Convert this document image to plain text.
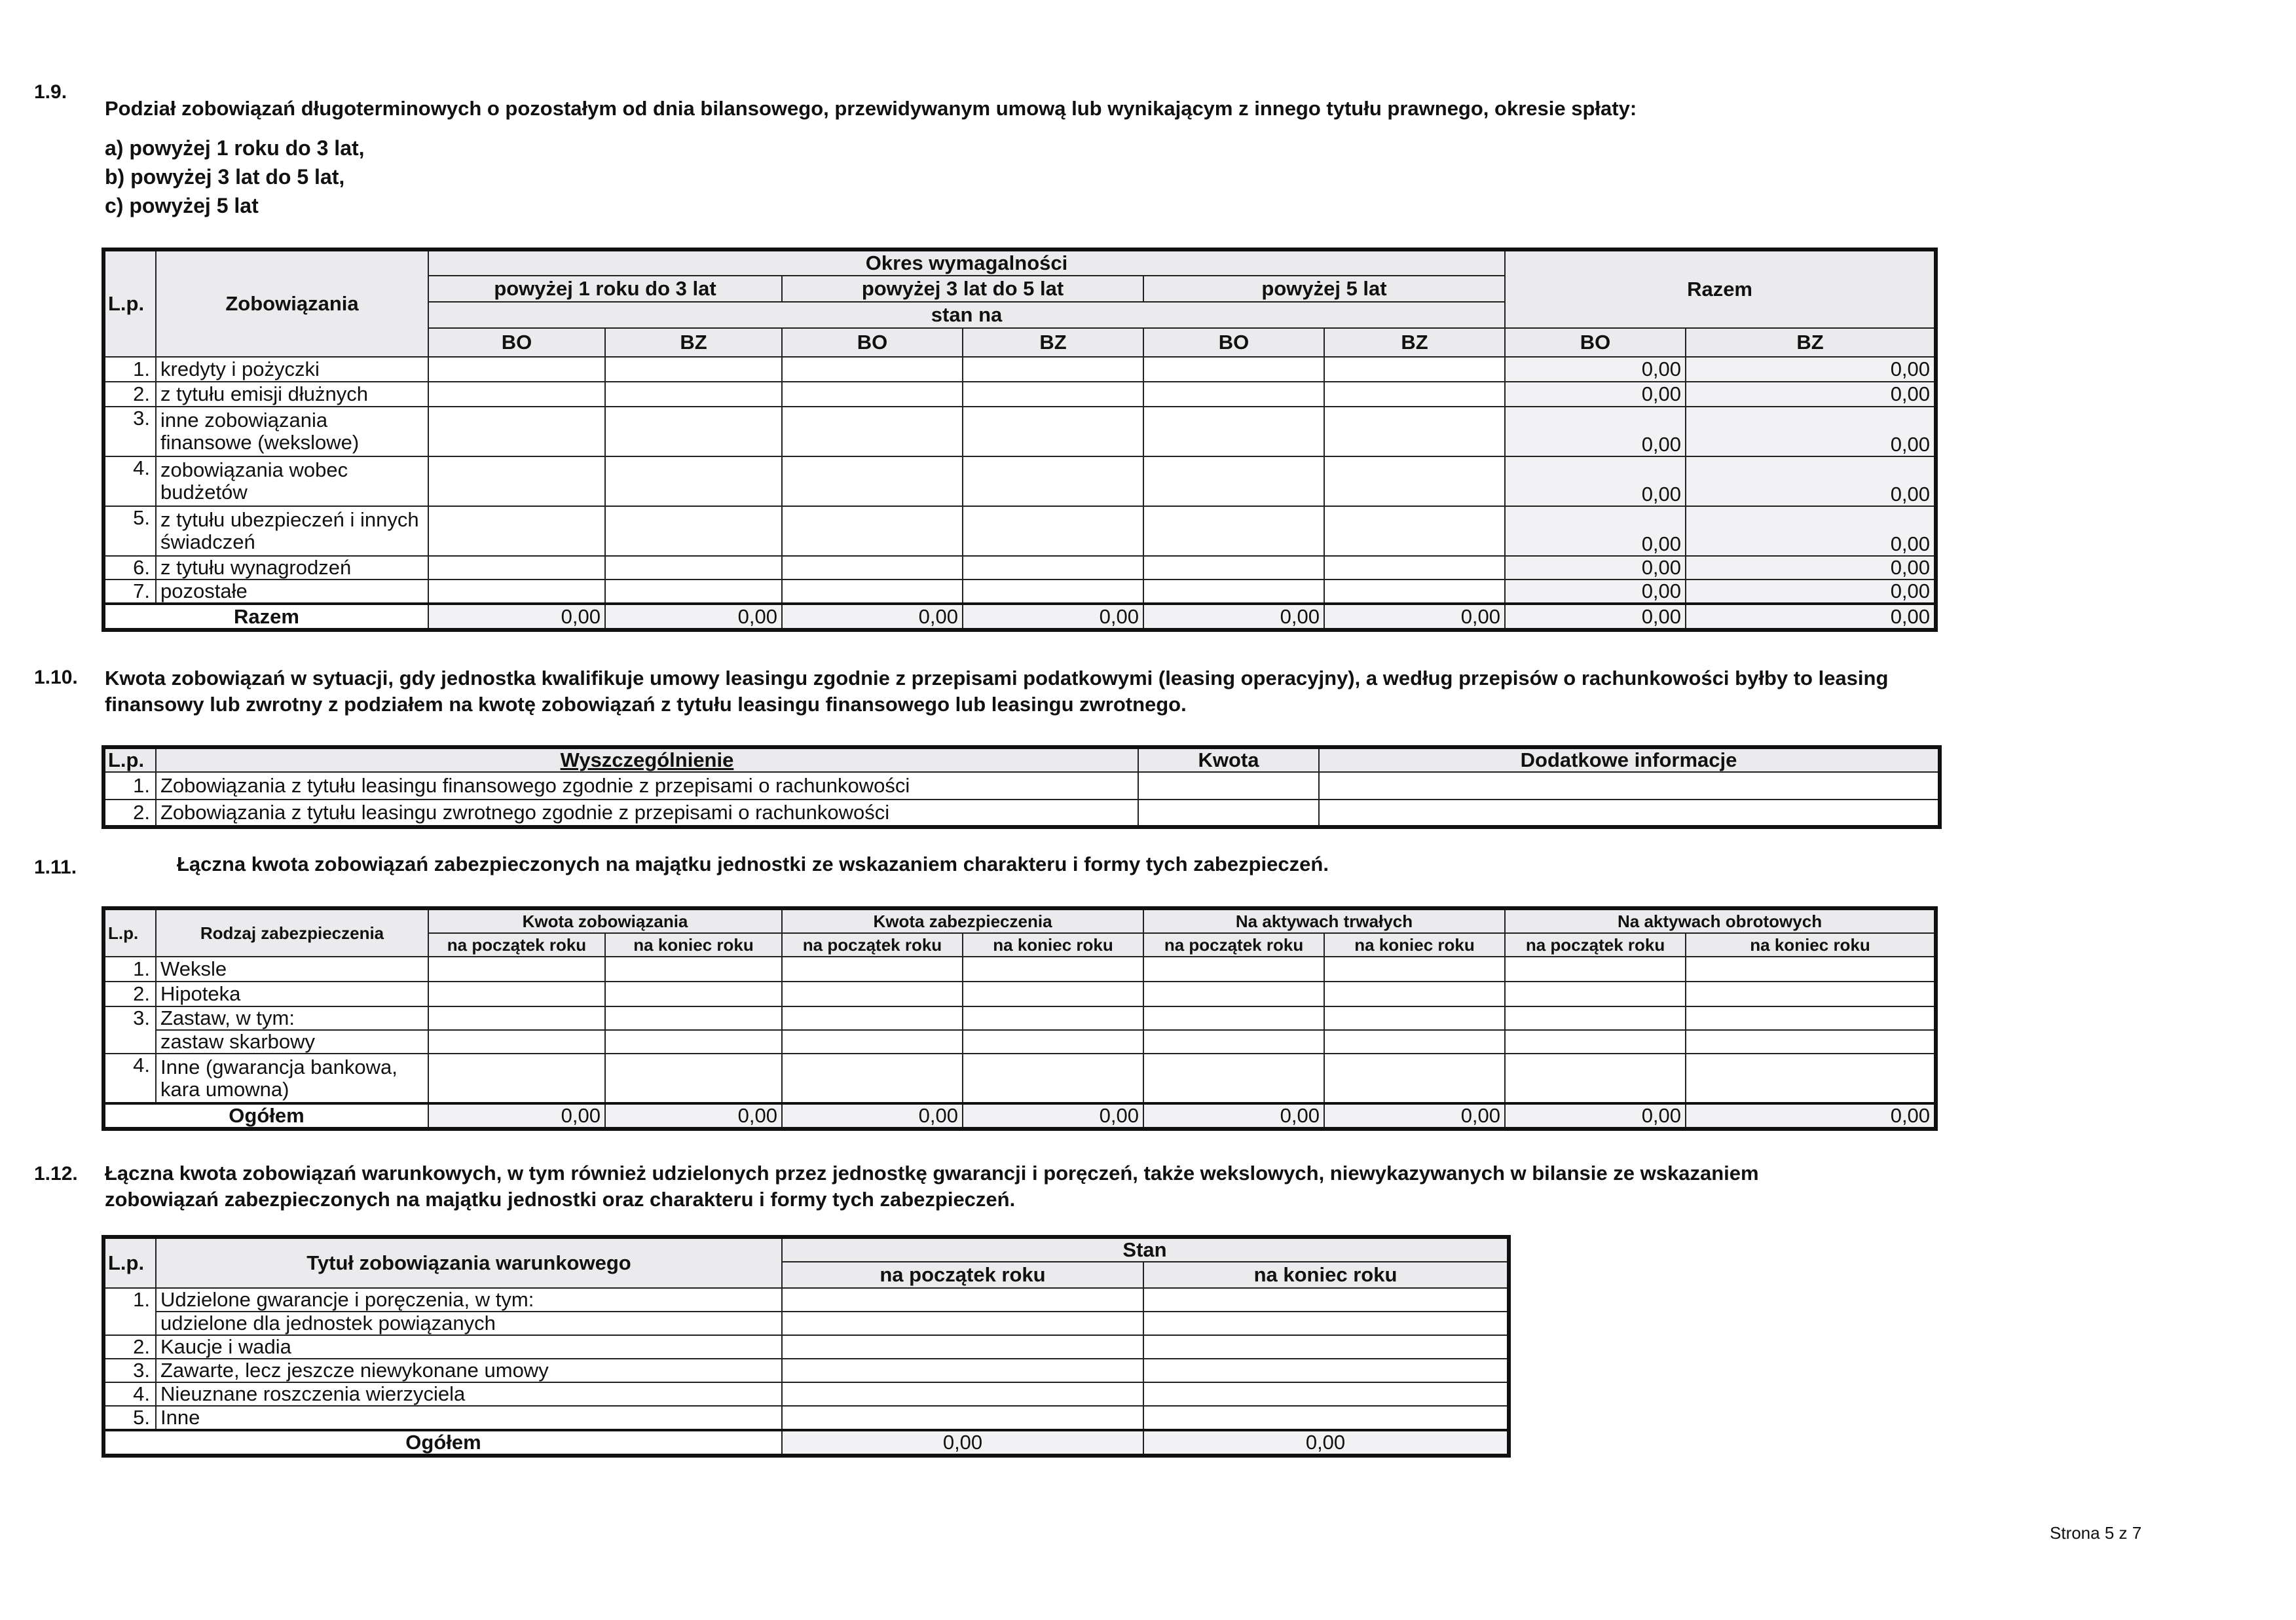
1.9.
Podział zobowiązań długoterminowych o pozostałym od dnia bilansowego, przewidywanym umową lub wynikającym z innego tytułu prawnego, okresie spłaty:
a) powyżej 1 roku do 3 lat,
b) powyżej 3 lat do 5 lat,
c) powyżej 5 lat
L.p.	Zobowiązania	Okres wymagalności						Razem	
		powyżej 1 roku do 3 lat		powyżej 3 lat do 5 lat		powyżej 5 lat			
		stan na							
		BO	BZ	BO	BZ	BO	BZ	BO	BZ
1.	kredyty i pożyczki							0,00	0,00
2.	z tytułu emisji dłużnych							0,00	0,00
3.	inne zobowiązania finansowe (wekslowe)							0,00	0,00
4.	zobowiązania wobec budżetów							0,00	0,00
5.	z tytułu ubezpieczeń i innych świadczeń							0,00	0,00
6.	z tytułu wynagrodzeń							0,00	0,00
7.	pozostałe							0,00	0,00
Razem		0,00	0,00	0,00	0,00	0,00	0,00	0,00	0,00
1.10. Kwota zobowiązań w sytuacji, gdy jednostka kwalifikuje umowy leasingu zgodnie z przepisami podatkowymi (leasing operacyjny), a według przepisów o rachunkowości byłby to leasing
finansowy lub zwrotny z podziałem na kwotę zobowiązań z tytułu leasingu finansowego lub leasingu zwrotnego.
L.p.	Wyszczególnienie	Kwota	Dodatkowe informacje
1.	Zobowiązania z tytułu leasingu finansowego zgodnie z przepisami o rachunkowości		
2.	Zobowiązania z tytułu leasingu zwrotnego zgodnie z przepisami o rachunkowości		
1.11.	Łączna kwota zobowiązań zabezpieczonych na majątku jednostki ze wskazaniem charakteru i formy tych zabezpieczeń.
L.p.	Rodzaj zabezpieczenia	Kwota zobowiązania		Kwota zabezpieczenia		Na aktywach trwałych		Na aktywach obrotowych	
		na początek roku	na koniec roku	na początek roku	na koniec roku	na początek roku	na koniec roku	na początek roku	na koniec roku
1.	Weksle								
2.	Hipoteka								
3.	Zastaw, w tym:								
	zastaw skarbowy								
4.	Inne (gwarancja bankowa, kara umowna)								
Ogółem		0,00	0,00	0,00	0,00	0,00	0,00	0,00	0,00
1.12. Łączna kwota zobowiązań warunkowych, w tym również udzielonych przez jednostkę gwarancji i poręczeń, także wekslowych, niewykazywanych w bilansie ze wskazaniem
zobowiązań zabezpieczonych na majątku jednostki oraz charakteru i formy tych zabezpieczeń.
L.p.	Tytuł zobowiązania warunkowego	Stan	
		na początek roku	na koniec roku
1.	Udzielone gwarancje i poręczenia, w tym:		
	udzielone dla jednostek powiązanych		
2.	Kaucje i wadia		
3.	Zawarte, lecz jeszcze niewykonane umowy		
4.	Nieuznane roszczenia wierzyciela		
5.	Inne		
Ogółem		0,00	0,00
Strona 5 z 7
